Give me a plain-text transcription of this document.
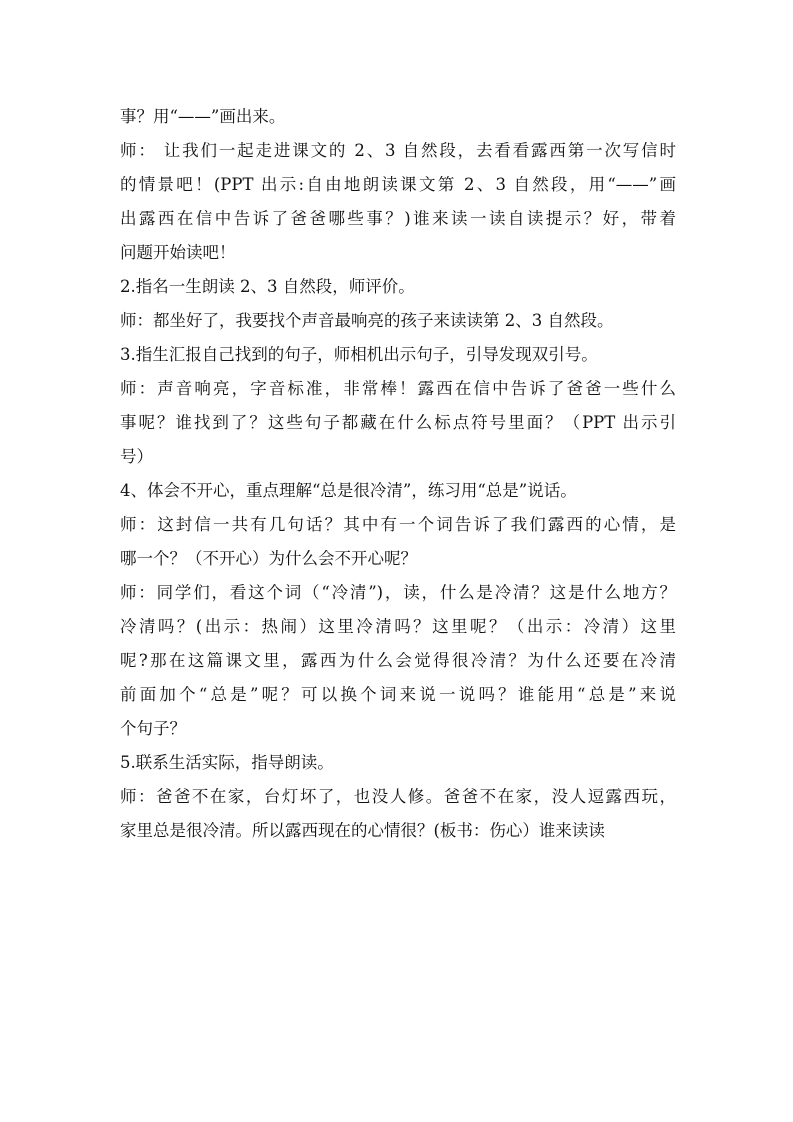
事？用“——”画出来。
师： 让我们一起走进课文的 2、3 自然段，去看看露西第一次写信时
的情景吧！(PPT 出示:自由地朗读课文第 2、3 自然段，用“——”画
出露西在信中告诉了爸爸哪些事？)谁来读一读自读提示？好，带着
问题开始读吧！
2.指名一生朗读 2、3 自然段，师评价。
师：都坐好了，我要找个声音最响亮的孩子来读读第 2、3 自然段。
3.指生汇报自己找到的句子，师相机出示句子，引导发现双引号。
师：声音响亮，字音标准，非常棒！露西在信中告诉了爸爸一些什么
事呢？谁找到了？这些句子都藏在什么标点符号里面？（PPT 出示引
号）
4、体会不开心，重点理解“总是很冷清”，练习用“总是”说话。
师：这封信一共有几句话？其中有一个词告诉了我们露西的心情，是
哪一个？（不开心）为什么会不开心呢？
师：同学们，看这个词（“冷清”)，读，什么是冷清？这是什么地方？
冷清吗？(出示：热闹）这里冷清吗？这里呢？（出示：冷清）这里
呢?那在这篇课文里，露西为什么会觉得很冷清？为什么还要在冷清
前面加个“总是”呢？可以换个词来说一说吗？谁能用“总是”来说
个句子？
5.联系生活实际，指导朗读。
师：爸爸不在家，台灯坏了，也没人修。爸爸不在家，没人逗露西玩，
家里总是很冷清。所以露西现在的心情很？(板书：伤心）谁来读读
